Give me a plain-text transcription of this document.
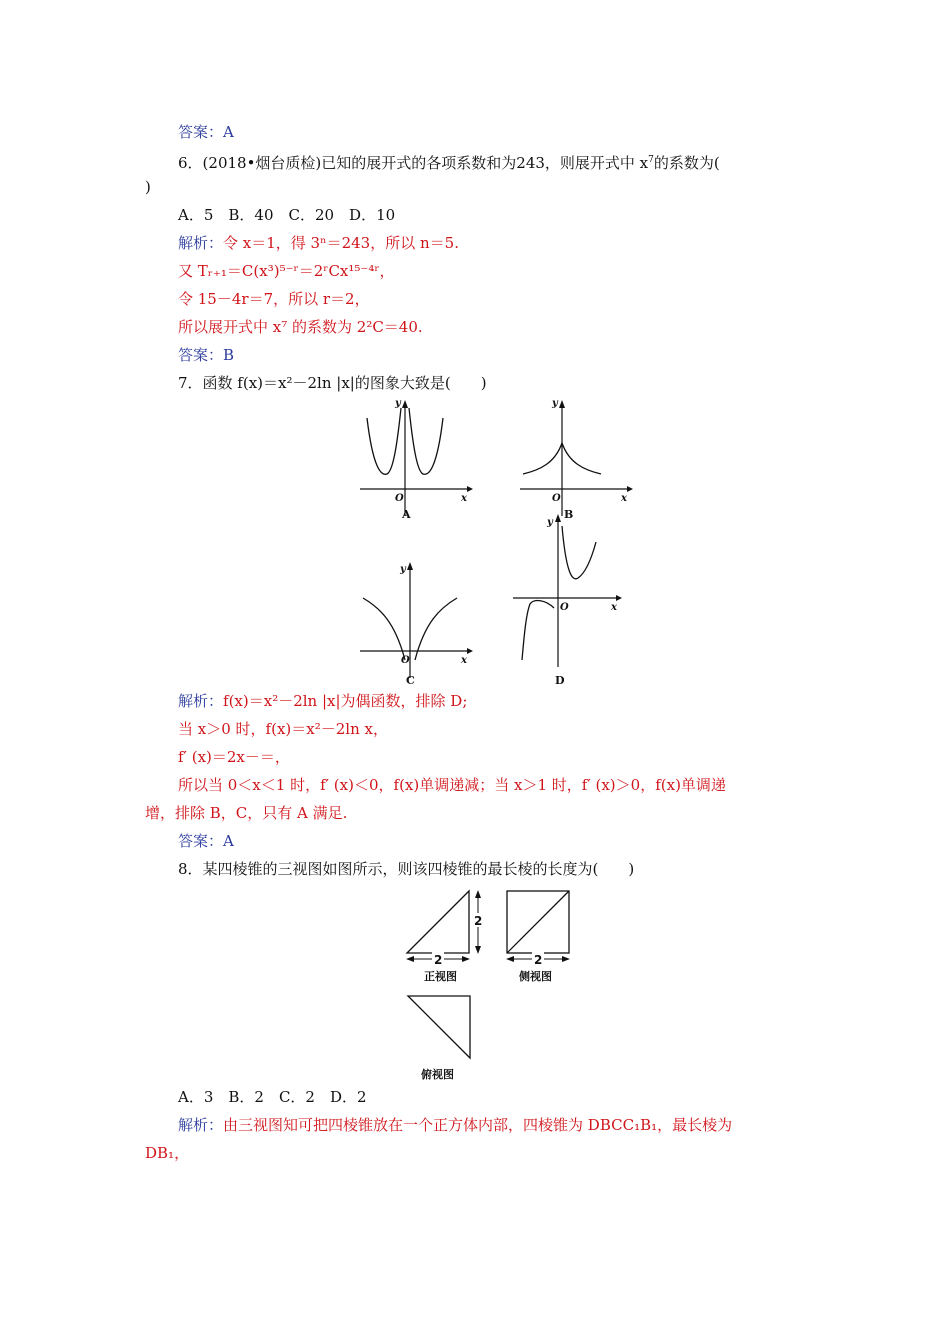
答案：A
6．(2018•烟台质检)已知的展开式的各项系数和为243，则展开式中 $x^7$的系数为(
)
A．5　B．40　C．20　D．10
解析：令 x＝1，得 3ⁿ＝243，所以 n＝5.
又 Tᵣ₊₁＝C(x³)⁵⁻ʳ＝2ʳCx¹⁵⁻⁴ʳ，
令 15－4r＝7，所以 r＝2，
所以展开式中 x⁷ 的系数为 2²C＝40.
答案：B
7．函数 f(x)＝x²－2ln |x|的图象大致是(　　)
y
x
O
A
y
x
O
B
y
x
O
C
y
x
O
D
解析：f(x)＝x²－2ln |x|为偶函数，排除 D;
当 x＞0 时，f(x)＝x²－2ln x，
f′ (x)＝2x－＝，
所以当 0＜x＜1 时，f′ (x)＜0，f(x)单调递减；当 x＞1 时，f′ (x)＞0，f(x)单调递
增，排除 B，C，只有 A 满足.
答案：A
8．某四棱锥的三视图如图所示，则该四棱锥的最长棱的长度为(　　)
2
2
正视图
2
侧视图
俯视图
A．3　B．2　C．2　D．2
解析：由三视图知可把四棱锥放在一个正方体内部，四棱锥为 DBCC₁B₁，最长棱为
DB₁，
